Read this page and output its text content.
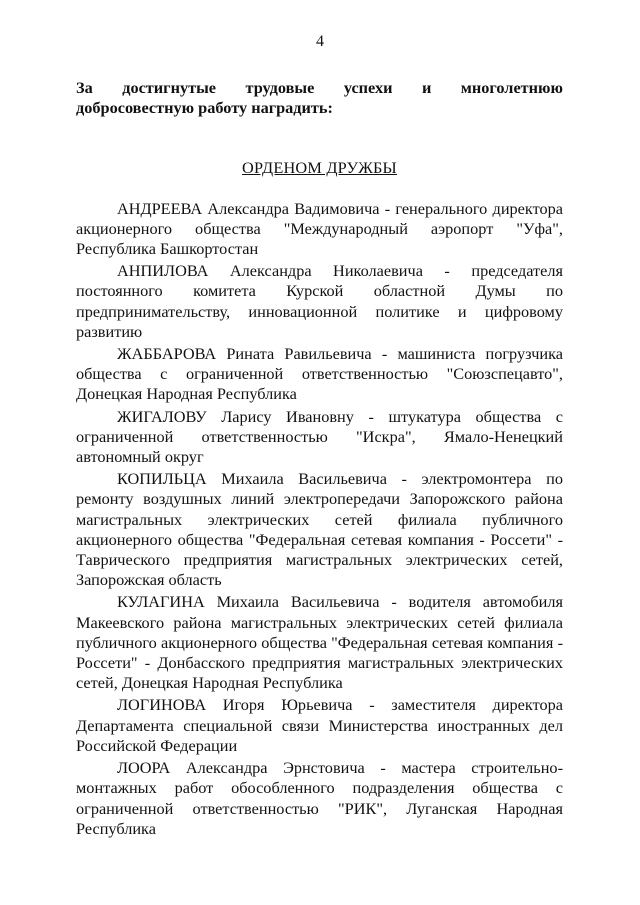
4
За достигнутые трудовые успехи и многолетнюю
добросовестную работу наградить:
ОРДЕНОМ ДРУЖБЫ

АНДРЕЕВА Александра Вадимовича - генерального директора акционерного общества "Международный аэропорт "Уфа", Республика Башкортостан

АНПИЛОВА Александра Николаевича - председателя постоянного комитета Курской областной Думы по предпринимательству, инновационной политике и цифровому развитию

ЖАББАРОВА Рината Равильевича - машиниста погрузчика общества с ограниченной ответственностью "Союзспецавто", Донецкая Народная Республика

ЖИГАЛОВУ Ларису Ивановну - штукатура общества с ограниченной ответственностью "Искра", Ямало-Ненецкий автономный округ

КОПИЛЬЦА Михаила Васильевича - электромонтера по ремонту воздушных линий электропередачи Запорожского района магистральных электрических сетей филиала публичного акционерного общества "Федеральная сетевая компания - Россети" - Таврического предприятия магистральных электрических сетей, Запорожская область

КУЛАГИНА Михаила Васильевича - водителя автомобиля Макеевского района магистральных электрических сетей филиала публичного акционерного общества "Федеральная сетевая компания - Россети" - Донбасского предприятия магистральных электрических сетей, Донецкая Народная Республика

ЛОГИНОВА Игоря Юрьевича - заместителя директора Департамента специальной связи Министерства иностранных дел Российской Федерации

ЛООРА Александра Эрнстовича - мастера строительно-монтажных работ обособленного подразделения общества с ограниченной ответственностью "РИК", Луганская Народная Республика
